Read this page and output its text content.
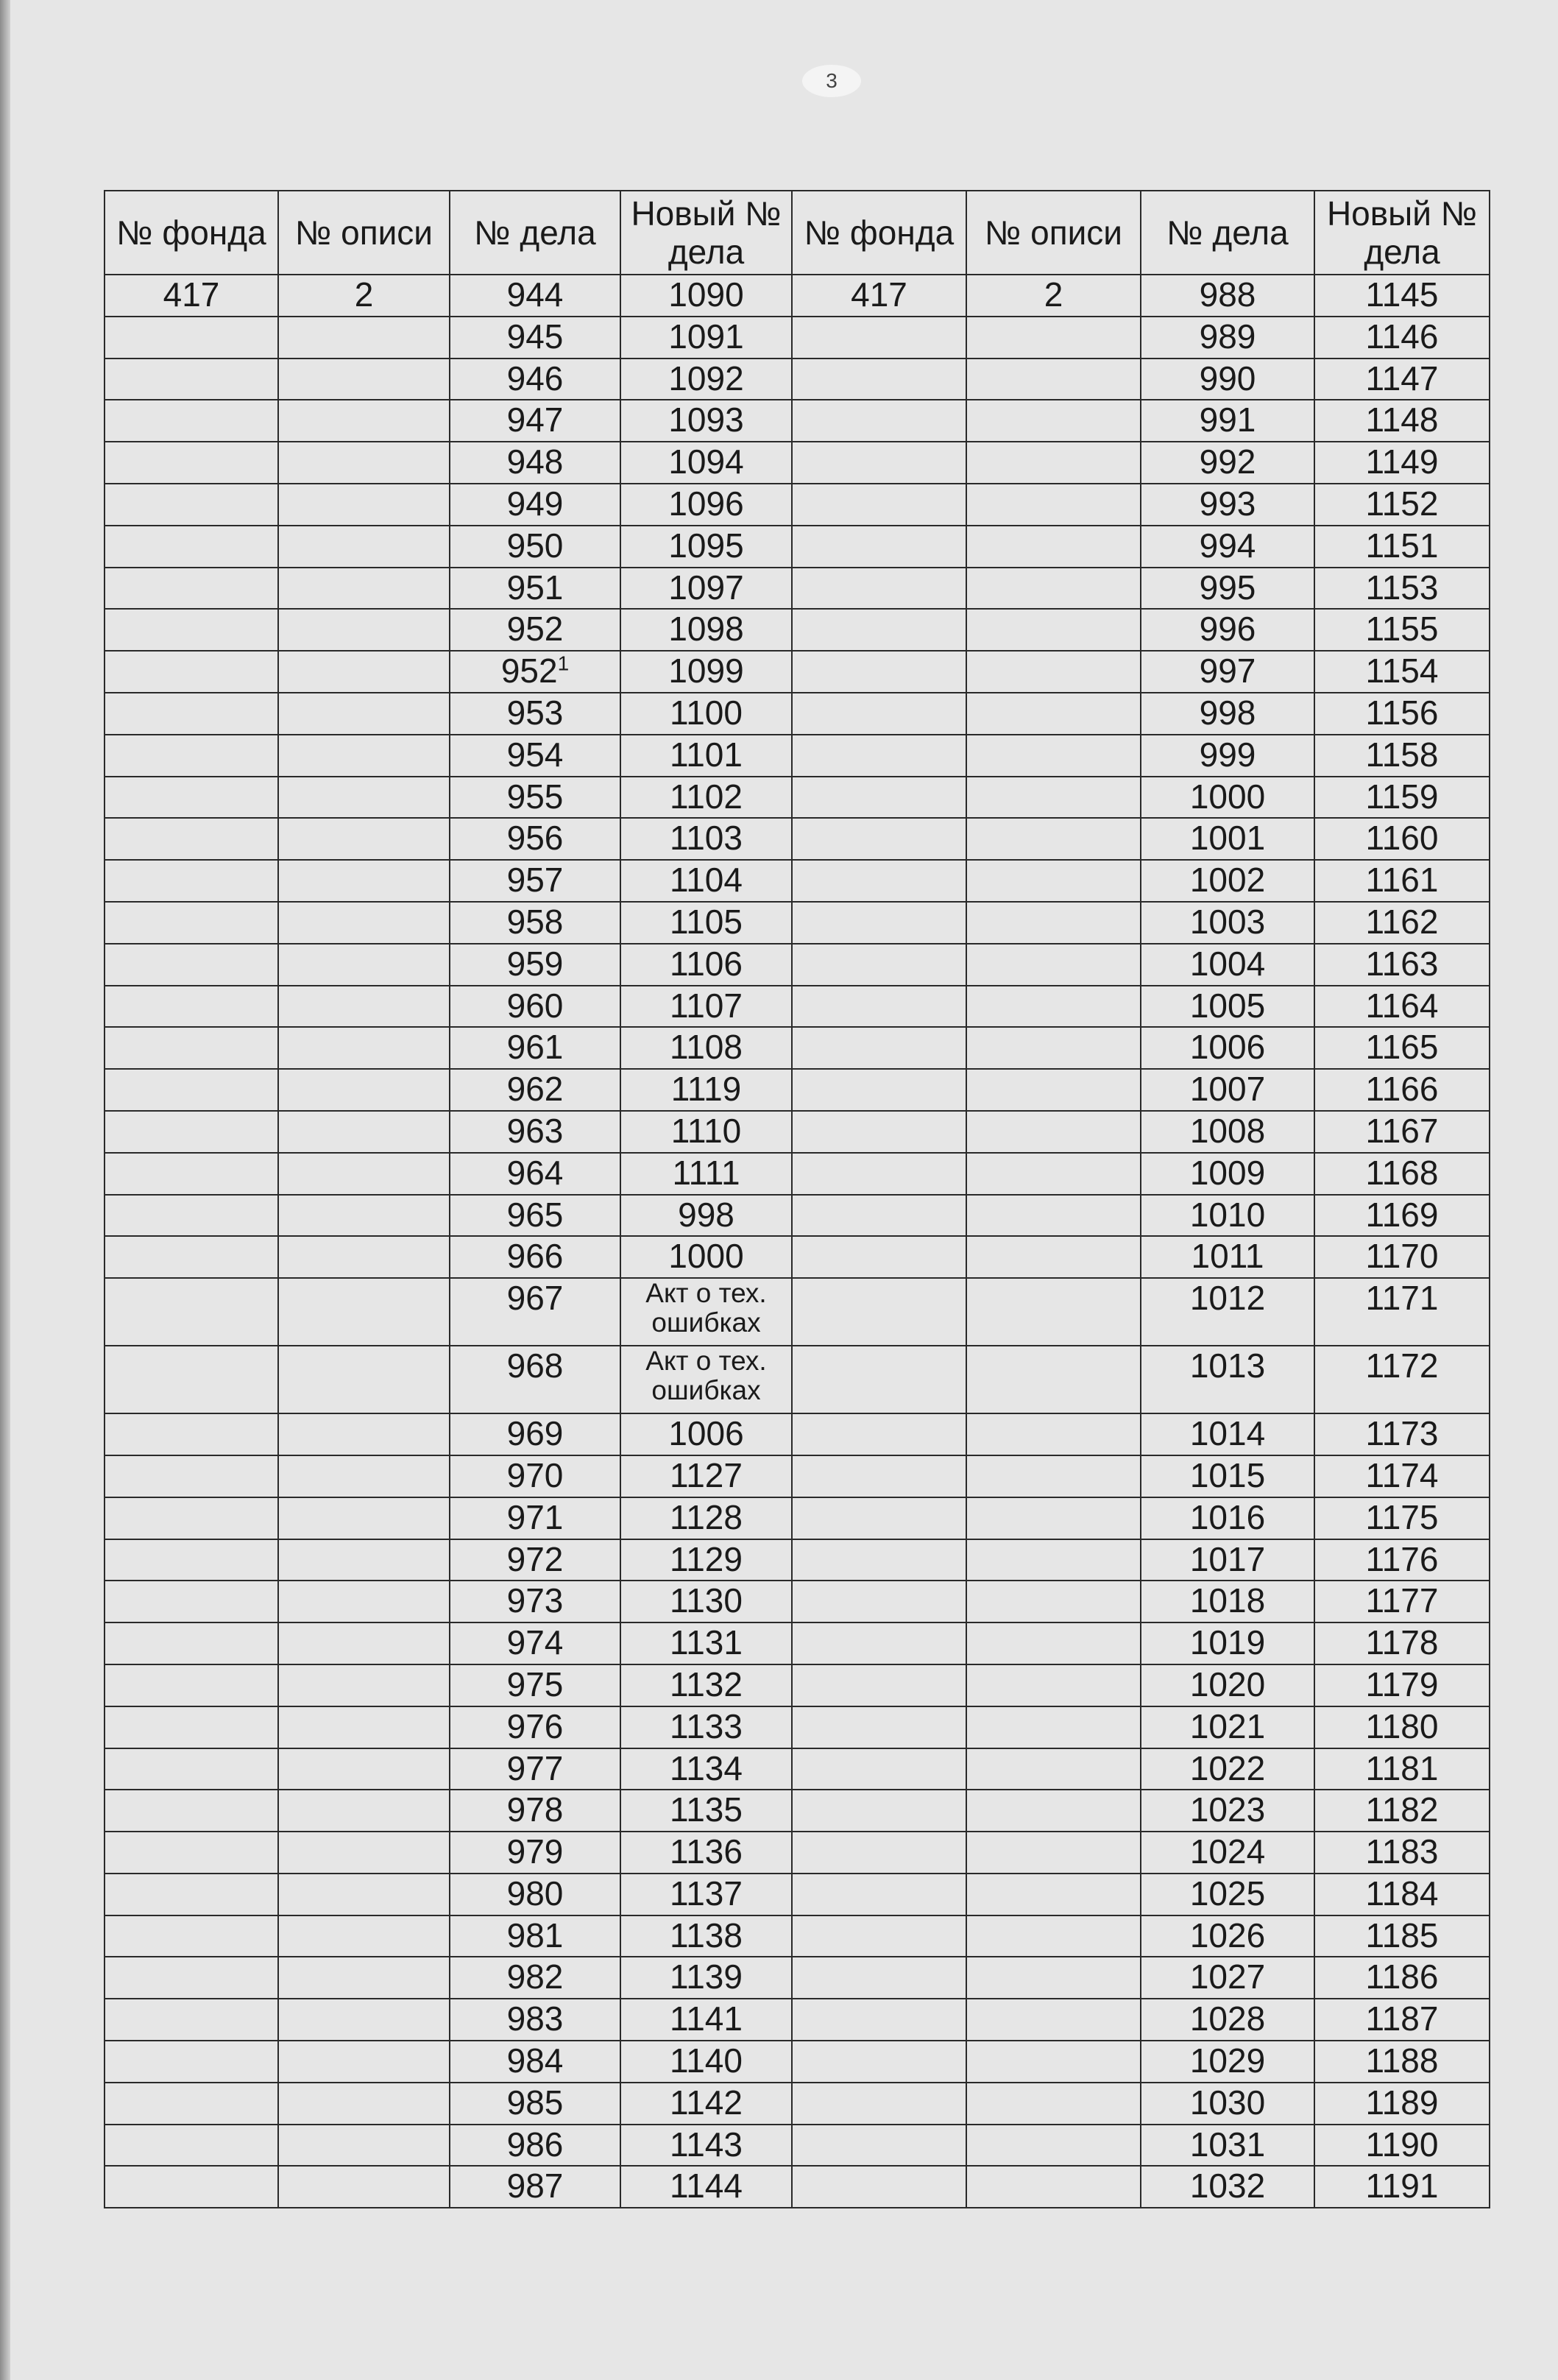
3
№ фонда	№ описи	№ дела	Новый № дела	№ фонда	№ описи	№ дела	Новый № дела
417	2	944	1090	417	2	988	1145
		945	1091			989	1146
		946	1092			990	1147
		947	1093			991	1148
		948	1094			992	1149
		949	1096			993	1152
		950	1095			994	1151
		951	1097			995	1153
		952	1098			996	1155
		$952^1$	1099			997	1154
		953	1100			998	1156
		954	1101			999	1158
		955	1102			1000	1159
		956	1103			1001	1160
		957	1104			1002	1161
		958	1105			1003	1162
		959	1106			1004	1163
		960	1107			1005	1164
		961	1108			1006	1165
		962	1119			1007	1166
		963	1110			1008	1167
		964	1111			1009	1168
		965	998			1010	1169
		966	1000			1011	1170
		967	Акт о тех. ошибках			1012	1171
		968	Акт о тех. ошибках			1013	1172
		969	1006			1014	1173
		970	1127			1015	1174
		971	1128			1016	1175
		972	1129			1017	1176
		973	1130			1018	1177
		974	1131			1019	1178
		975	1132			1020	1179
		976	1133			1021	1180
		977	1134			1022	1181
		978	1135			1023	1182
		979	1136			1024	1183
		980	1137			1025	1184
		981	1138			1026	1185
		982	1139			1027	1186
		983	1141			1028	1187
		984	1140			1029	1188
		985	1142			1030	1189
		986	1143			1031	1190
		987	1144			1032	1191
